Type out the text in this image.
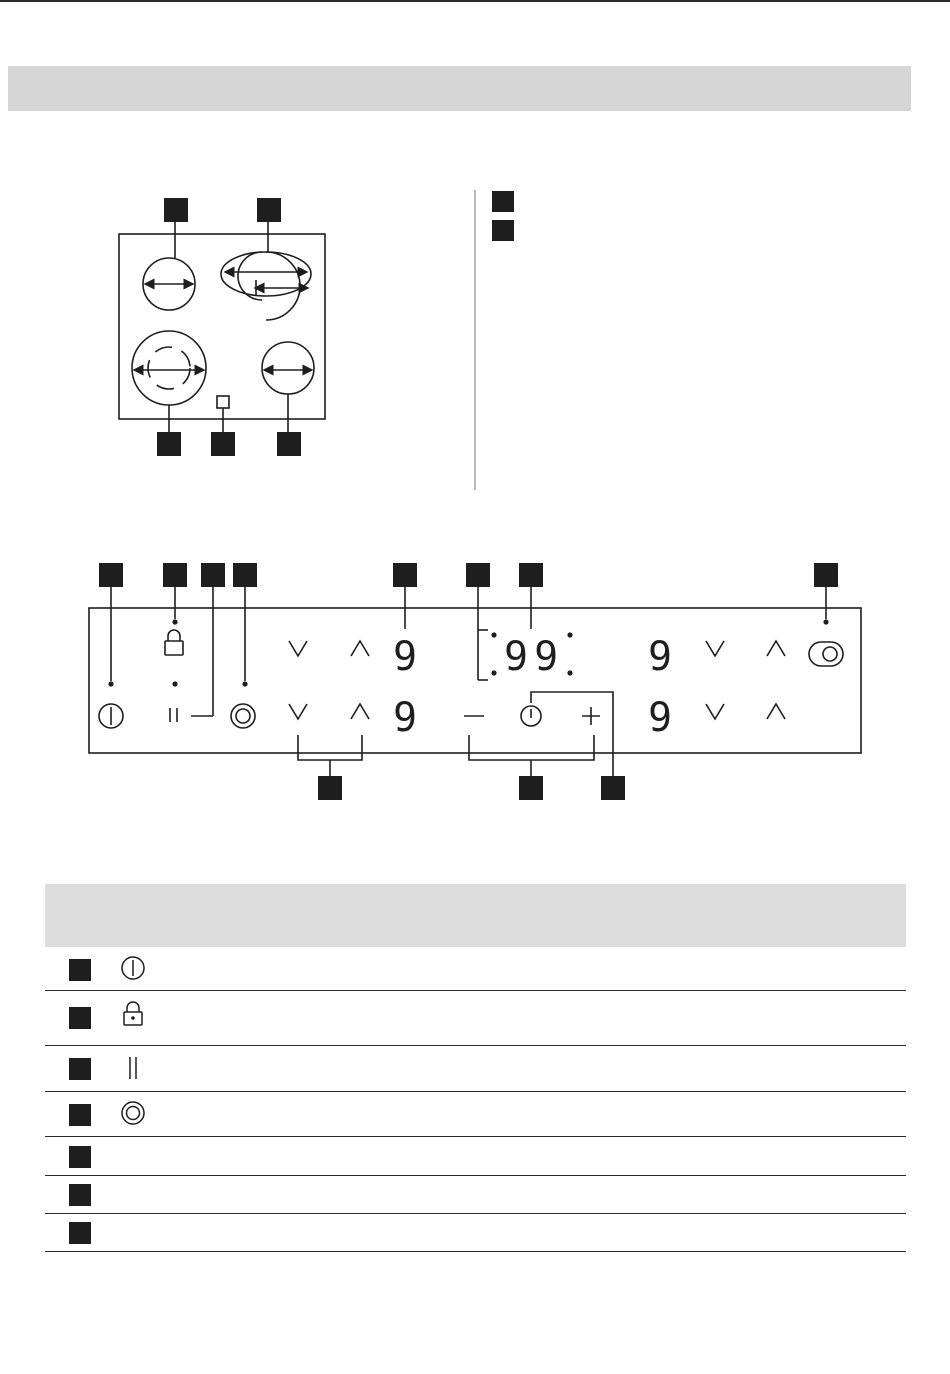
9
9
99 9
9
